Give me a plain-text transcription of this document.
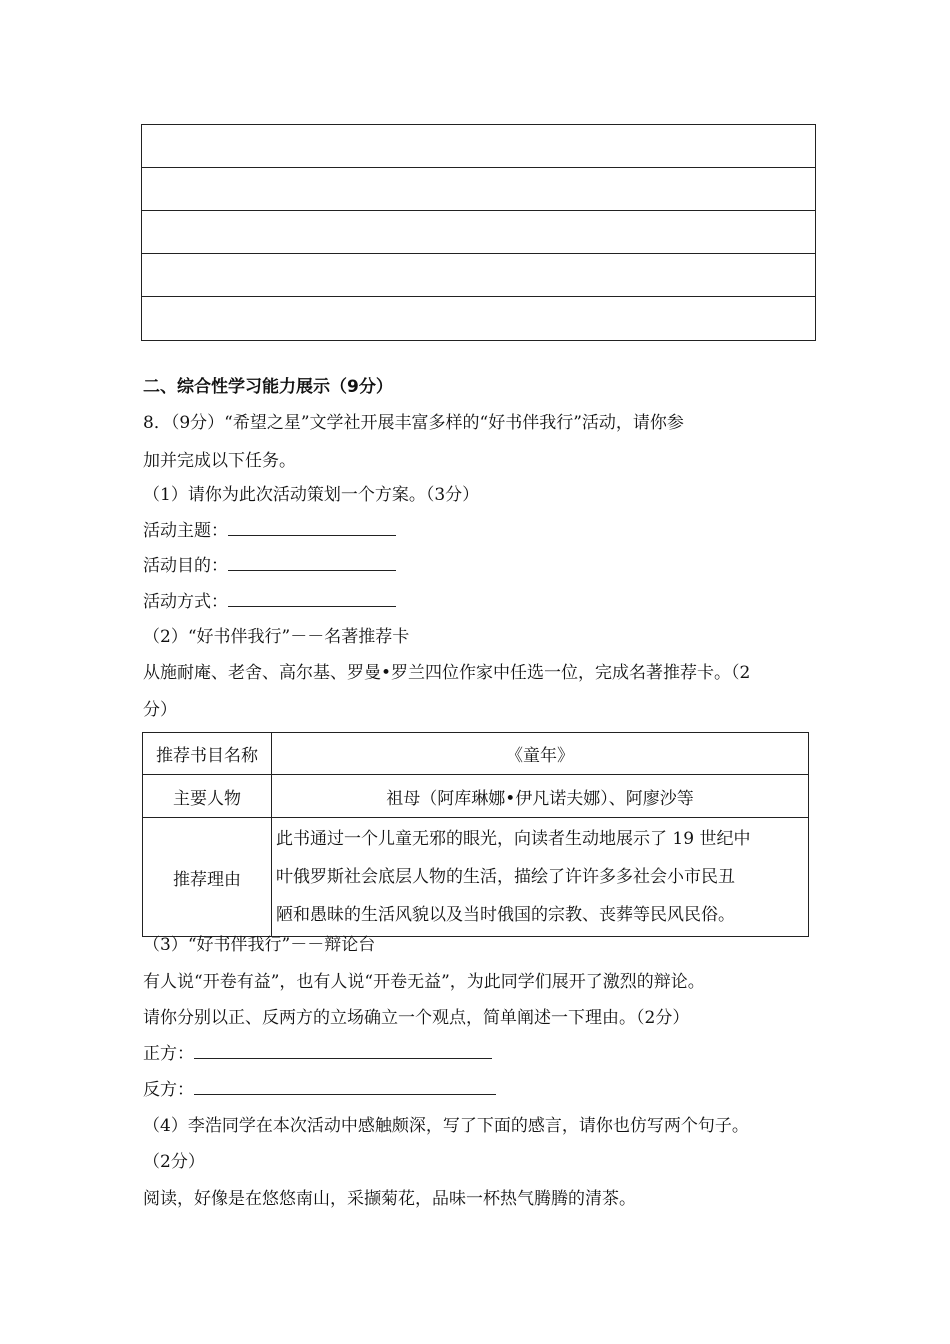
二、综合性学习能力展示（9分）
8．（9分）“希望之星”文学社开展丰富多样的“好书伴我行”活动，请你参
加并完成以下任务。
（1）请你为此次活动策划一个方案。（3分）
活动主题：
活动目的：
活动方式：
（2）“好书伴我行”－－名著推荐卡
从施耐庵、老舍、高尔基、罗曼•罗兰四位作家中任选一位，完成名著推荐卡。（2
分）
推荐书目名称	《童年》
主要人物	祖母（阿库琳娜•伊凡诺夫娜）、阿廖沙等
推荐理由	此书通过一个儿童无邪的眼光，向读者生动地展示了 19 世纪中
叶俄罗斯社会底层人物的生活，描绘了许许多多社会小市民丑
陋和愚昧的生活风貌以及当时俄国的宗教、丧葬等民风民俗。
（3）“好书伴我行”－－辩论台
有人说“开卷有益”，也有人说“开卷无益”，为此同学们展开了激烈的辩论。
请你分别以正、反两方的立场确立一个观点，简单阐述一下理由。（2分）
正方：
反方：
（4）李浩同学在本次活动中感触颇深，写了下面的感言，请你也仿写两个句子。
（2分）
阅读，好像是在悠悠南山，采撷菊花，品味一杯热气腾腾的清茶。
